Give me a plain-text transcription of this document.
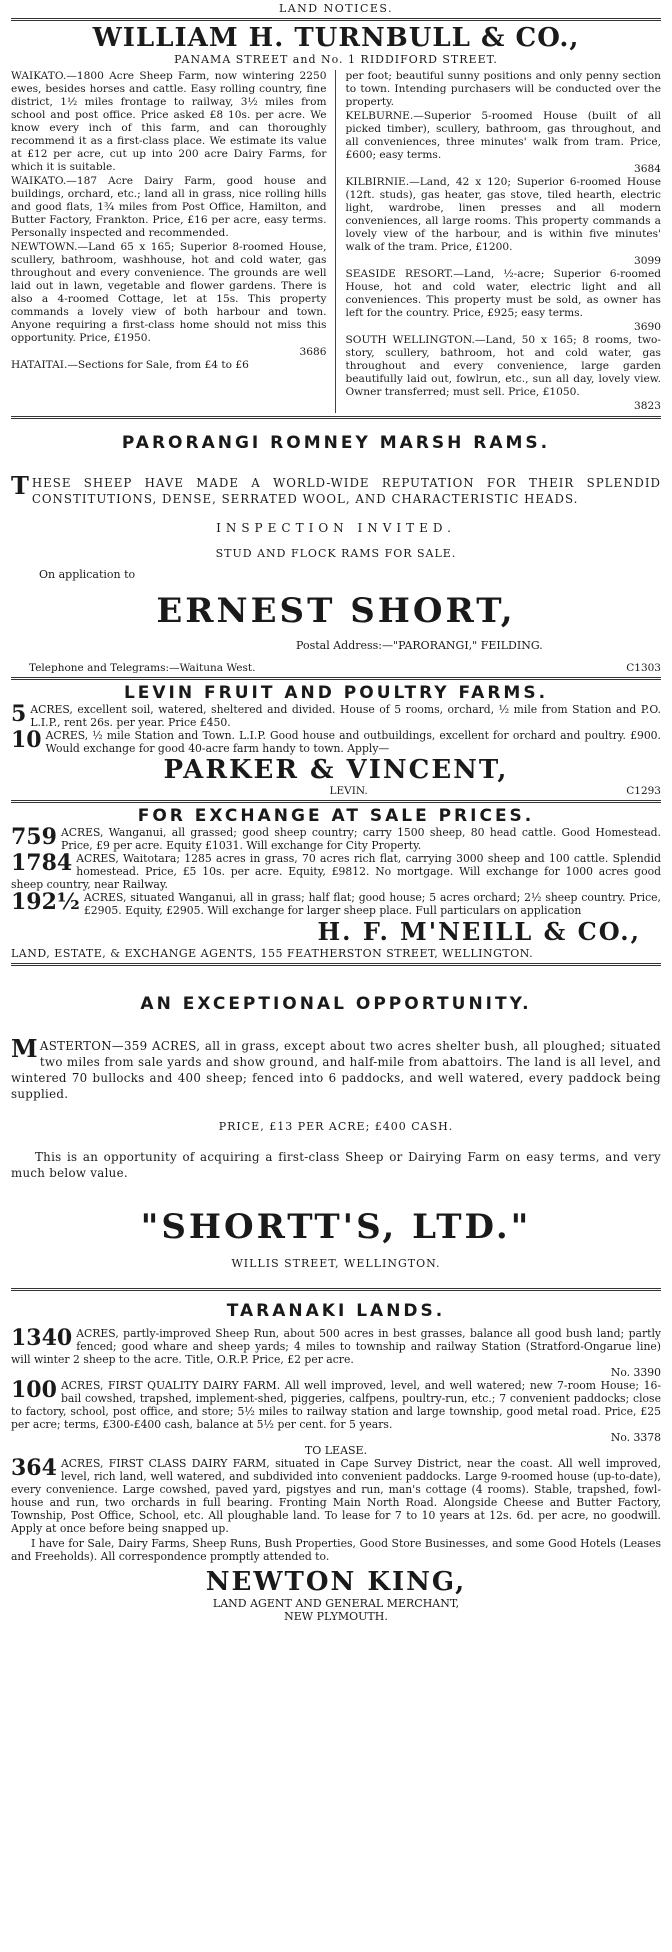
LAND NOTICES.
WILLIAM H. TURNBULL & CO.,
PANAMA STREET and No. 1 RIDDIFORD STREET.

WAIKATO.—1800 Acre Sheep Farm, now wintering 2250 ewes, besides horses and cattle. Easy rolling country, fine district, 1½ miles frontage to railway, 3½ miles from school and post office. Price asked £8 10s. per acre. We know every inch of this farm, and can thoroughly recommend it as a first-class place. We estimate its value at £12 per acre, cut up into 200 acre Dairy Farms, for which it is suitable.

WAIKATO.—187 Acre Dairy Farm, good house and buildings, orchard, etc.; land all in grass, nice rolling hills and good flats, 1¾ miles from Post Office, Hamilton, and Butter Factory, Frankton. Price, £16 per acre, easy terms. Personally inspected and recommended.

NEWTOWN.—Land 65 x 165; Superior 8-roomed House, scullery, bathroom, washhouse, hot and cold water, gas throughout and every convenience. The grounds are well laid out in lawn, vegetable and flower gardens. There is also a 4-roomed Cottage, let at 15s. This property commands a lovely view of both harbour and town. Anyone requiring a first-class home should not miss this opportunity. Price, £1950.

3686

HATAITAI.—Sections for Sale, from £4 to £6

per foot; beautiful sunny positions and only penny section to town. Intending purchasers will be conducted over the property.

KELBURNE.—Superior 5-roomed House (built of all picked timber), scullery, bathroom, gas throughout, and all conveniences, three minutes' walk from tram. Price, £600; easy terms.

3684

KILBIRNIE.—Land, 42 x 120; Superior 6-roomed House (12ft. studs), gas heater, gas stove, tiled hearth, electric light, wardrobe, linen presses and all modern conveniences, all large rooms. This property commands a lovely view of the harbour, and is within five minutes' walk of the tram. Price, £1200.

3099

SEASIDE RESORT.—Land, ½-acre; Superior 6-roomed House, hot and cold water, electric light and all conveniences. This property must be sold, as owner has left for the country. Price, £925; easy terms.

3690

SOUTH WELLINGTON.—Land, 50 x 165; 8 rooms, two-story, scullery, bathroom, hot and cold water, gas throughout and every convenience, large garden beautifully laid out, fowlrun, etc., sun all day, lovely view. Owner transferred; must sell. Price, £1050.

3823
PARORANGI ROMNEY MARSH RAMS.
THESE SHEEP HAVE MADE A WORLD-WIDE REPUTATION FOR THEIR SPLENDID CONSTITUTIONS, DENSE, SERRATED WOOL, AND CHARACTERISTIC HEADS.
INSPECTION INVITED.
STUD AND FLOCK RAMS FOR SALE.
On application to
ERNEST SHORT,
Postal Address:—"PARORANGI," FEILDING.
Telephone and Telegrams:—Waituna West.	C1303
LEVIN FRUIT AND POULTRY FARMS.
5 ACRES, excellent soil, watered, sheltered and divided. House of 5 rooms, orchard, ½ mile from Station and P.O. L.I.P., rent 26s. per year. Price £450.
10 ACRES, ½ mile Station and Town. L.I.P. Good house and outbuildings, excellent for orchard and poultry. £900. Would exchange for good 40-acre farm handy to town. Apply—
PARKER & VINCENT,
LEVIN.	C1293
FOR EXCHANGE AT SALE PRICES.
759 ACRES, Wanganui, all grassed; good sheep country; carry 1500 sheep, 80 head cattle. Good Homestead. Price, £9 per acre. Equity £1031. Will exchange for City Property.
1784 ACRES, Waitotara; 1285 acres in grass, 70 acres rich flat, carrying 3000 sheep and 100 cattle. Splendid homestead. Price, £5 10s. per acre. Equity, £9812. No mortgage. Will exchange for 1000 acres good sheep country, near Railway.
192½ ACRES, situated Wanganui, all in grass; half flat; good house; 5 acres orchard; 2½ sheep country. Price, £2905. Equity, £2905. Will exchange for larger sheep place. Full particulars on application
H. F. M'NEILL & CO.,
LAND, ESTATE, & EXCHANGE AGENTS, 155 FEATHERSTON STREET, WELLINGTON.
AN EXCEPTIONAL OPPORTUNITY.
MASTERTON—359 ACRES, all in grass, except about two acres shelter bush, all ploughed; situated two miles from sale yards and show ground, and half-mile from abattoirs. The land is all level, and wintered 70 bullocks and 400 sheep; fenced into 6 paddocks, and well watered, every paddock being supplied.
PRICE, £13 PER ACRE; £400 CASH.
This is an opportunity of acquiring a first-class Sheep or Dairying Farm on easy terms, and very much below value.
"SHORTT'S, LTD."
WILLIS STREET, WELLINGTON.
TARANAKI LANDS.
1340 ACRES, partly-improved Sheep Run, about 500 acres in best grasses, balance all good bush land; partly fenced; good whare and sheep yards; 4 miles to township and railway Station (Stratford-Ongarue line) will winter 2 sheep to the acre. Title, O.R.P. Price, £2 per acre.
No. 3390
100 ACRES, FIRST QUALITY DAIRY FARM. All well improved, level, and well watered; new 7-room House; 16-bail cowshed, trapshed, implement-shed, piggeries, calfpens, poultry-run, etc.; 7 convenient paddocks; close to factory, school, post office, and store; 5½ miles to railway station and large township, good metal road. Price, £25 per acre; terms, £300-£400 cash, balance at 5½ per cent. for 5 years.
No. 3378
TO LEASE.
364 ACRES, FIRST CLASS DAIRY FARM, situated in Cape Survey District, near the coast. All well improved, level, rich land, well watered, and subdivided into convenient paddocks. Large 9-roomed house (up-to-date), every convenience. Large cowshed, paved yard, pigstyes and run, man's cottage (4 rooms). Stable, trapshed, fowl-house and run, two orchards in full bearing. Fronting Main North Road. Alongside Cheese and Butter Factory, Township, Post Office, School, etc. All ploughable land. To lease for 7 to 10 years at 12s. 6d. per acre, no goodwill. Apply at once before being snapped up.
I have for Sale, Dairy Farms, Sheep Runs, Bush Properties, Good Store Businesses, and some Good Hotels (Leases and Freeholds). All correspondence promptly attended to.
NEWTON KING,
LAND AGENT AND GENERAL MERCHANT,
NEW PLYMOUTH.
